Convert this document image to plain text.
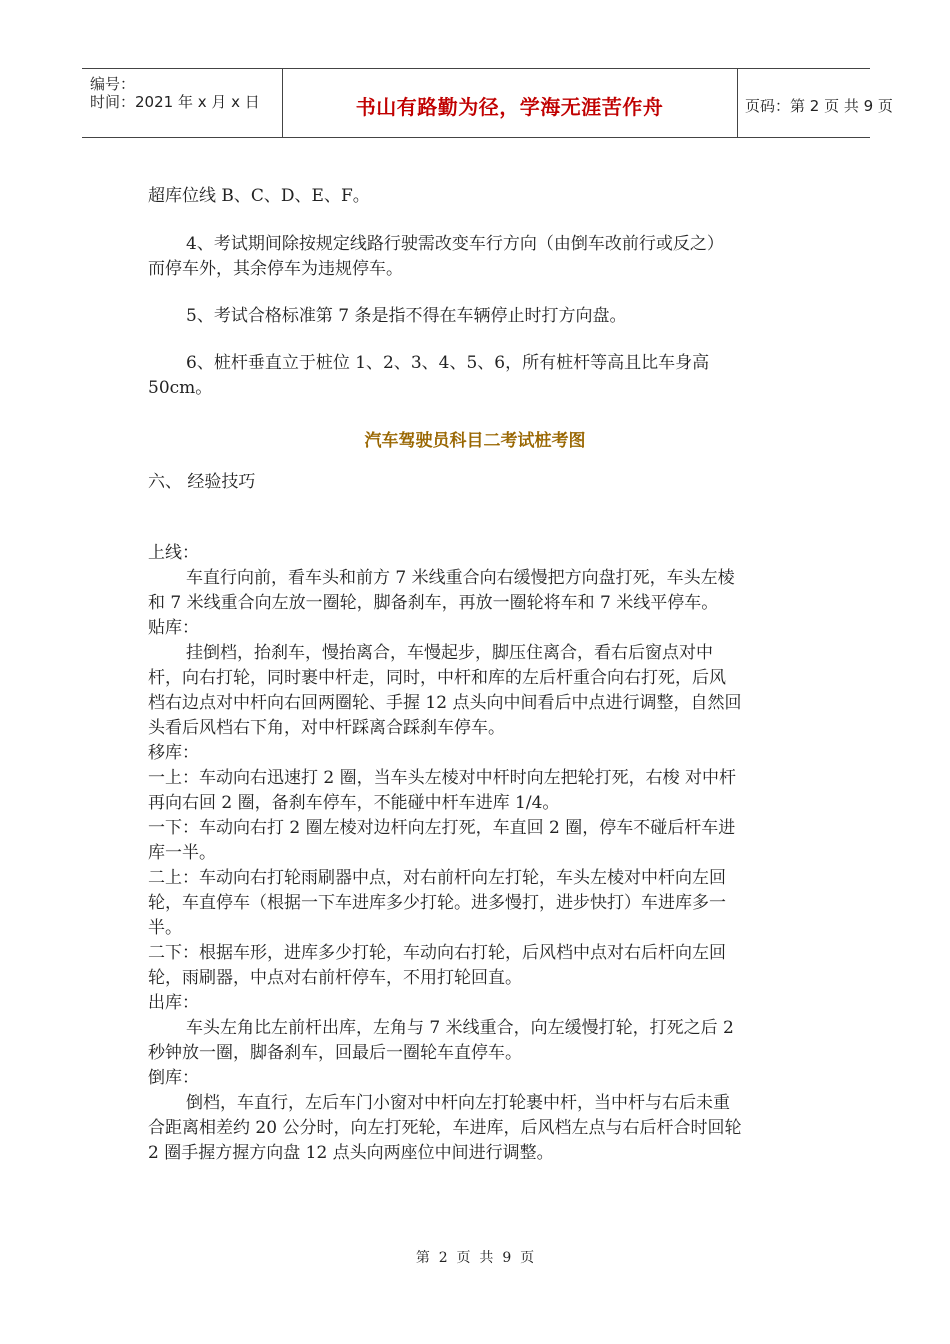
编号：
时间：2021 年 x 月 x 日	书山有路勤为径，学海无涯苦作舟	页码：第 2 页 共 9 页
超库位线 B、C、D、E、F。
4、考试期间除按规定线路行驶需改变车行方向（由倒车改前行或反之）
而停车外，其余停车为违规停车。
5、考试合格标准第 7 条是指不得在车辆停止时打方向盘。
6、桩杆垂直立于桩位 1、2、3、4、5、6，所有桩杆等高且比车身高
50cm。
汽车驾驶员科目二考试桩考图
六、 经验技巧
上线：
车直行向前，看车头和前方 7 米线重合向右缓慢把方向盘打死，车头左棱
和 7 米线重合向左放一圈轮，脚备刹车，再放一圈轮将车和 7 米线平停车。
贴库：
挂倒档，抬刹车，慢抬离合，车慢起步，脚压住离合，看右后窗点对中
杆，向右打轮，同时裹中杆走，同时，中杆和库的左后杆重合向右打死，后风
档右边点对中杆向右回两圈轮、手握 12 点头向中间看后中点进行调整，自然回
头看后风档右下角，对中杆踩离合踩刹车停车。
移库：
一上：车动向右迅速打 2 圈，当车头左棱对中杆时向左把轮打死，右梭 对中杆
再向右回 2 圈，备刹车停车，不能碰中杆车进库 1/4。
一下：车动向右打 2 圈左棱对边杆向左打死，车直回 2 圈，停车不碰后杆车进
库一半。
二上：车动向右打轮雨刷器中点，对右前杆向左打轮，车头左棱对中杆向左回
轮，车直停车（根据一下车进库多少打轮。进多慢打，进步快打）车进库多一
半。
二下：根据车形，进库多少打轮，车动向右打轮，后风档中点对右后杆向左回
轮，雨刷器，中点对右前杆停车，不用打轮回直。
出库：
车头左角比左前杆出库，左角与 7 米线重合，向左缓慢打轮，打死之后 2
秒钟放一圈，脚备刹车，回最后一圈轮车直停车。
倒库：
倒档，车直行，左后车门小窗对中杆向左打轮裹中杆，当中杆与右后未重
合距离相差约 20 公分时，向左打死轮，车进库，后风档左点与右后杆合时回轮
2 圈手握方握方向盘 12 点头向两座位中间进行调整。
第  2  页  共  9  页
